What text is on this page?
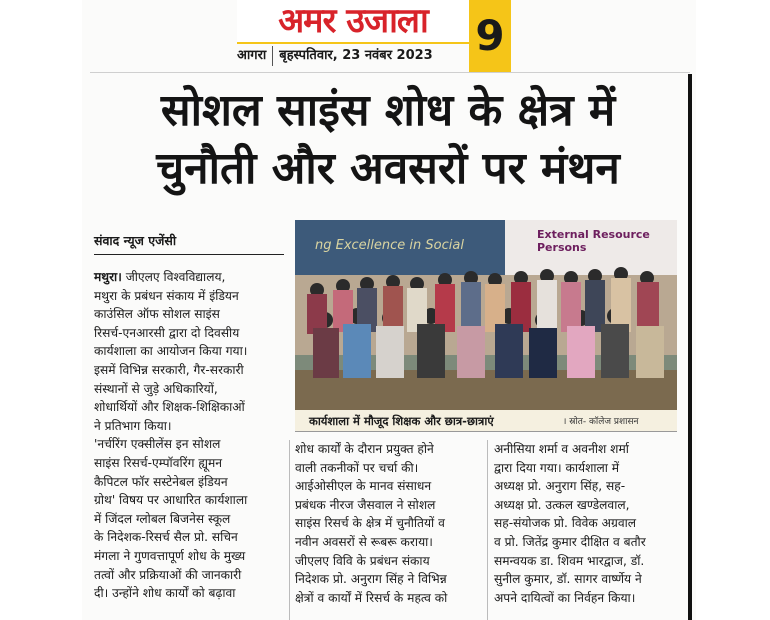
अमर उजाला	9
आगरा बृहस्पतिवार, 23 नवंबर 2023
सोशल साइंस शोध के क्षेत्र में
चुनौती और अवसरों पर मंथन
संवाद न्यूज एजेंसी	ng Excellence in Social
External Resource Persons
कार्यशाला में मौजूद शिक्षक और छात्र-छात्राएं	। स्रोत- कॉलेज प्रशासन
मथुरा। जीएलए विश्वविद्यालय,
मथुरा के प्रबंधन संकाय में इंडियन
काउंसिल ऑफ सोशल साइंस
रिसर्च-एनआरसी द्वारा दो दिवसीय
कार्यशाला का आयोजन किया गया।
इसमें विभिन्न सरकारी, गैर-सरकारी
संस्थानों से जुड़े अधिकारियों,
शोधार्थियों और शिक्षक-शिक्षिकाओं
ने प्रतिभाग किया।
'नर्चरिंग एक्सीलेंस इन सोशल
साइंस रिसर्च-एम्पॉवरिंग ह्यूमन
कैपिटल फॉर सस्टेनेबल इंडियन
ग्रोथ' विषय पर आधारित कार्यशाला
में जिंदल ग्लोबल बिजनेस स्कूल
के निदेशक-रिसर्च सैल प्रो. सचिन
मंगला ने गुणवत्तापूर्ण शोध के मुख्य
तत्वों और प्रक्रियाओं की जानकारी
दी। उन्होंने शोध कार्यों को बढ़ावा
शोध कार्यों के दौरान प्रयुक्त होने
वाली तकनीकों पर चर्चा की।
आईओसीएल के मानव संसाधन
प्रबंधक नीरज जैसवाल ने सोशल
साइंस रिसर्च के क्षेत्र में चुनौतियों व
नवीन अवसरों से रूबरू कराया।
जीएलए विवि के प्रबंधन संकाय
निदेशक प्रो. अनुराग सिंह ने विभिन्न
क्षेत्रों व कार्यों में रिसर्च के महत्व को
अनीसिया शर्मा व अवनीश शर्मा
द्वारा दिया गया। कार्यशाला में
अध्यक्ष प्रो. अनुराग सिंह, सह-
अध्यक्ष प्रो. उत्कल खण्डेलवाल,
सह-संयोजक प्रो. विवेक अग्रवाल
व प्रो. जितेंद्र कुमार दीक्षित व बतौर
समन्वयक डा. शिवम भारद्वाज, डॉ.
सुनील कुमार, डॉ. सागर वार्ष्णेय ने
अपने दायित्वों का निर्वहन किया।
